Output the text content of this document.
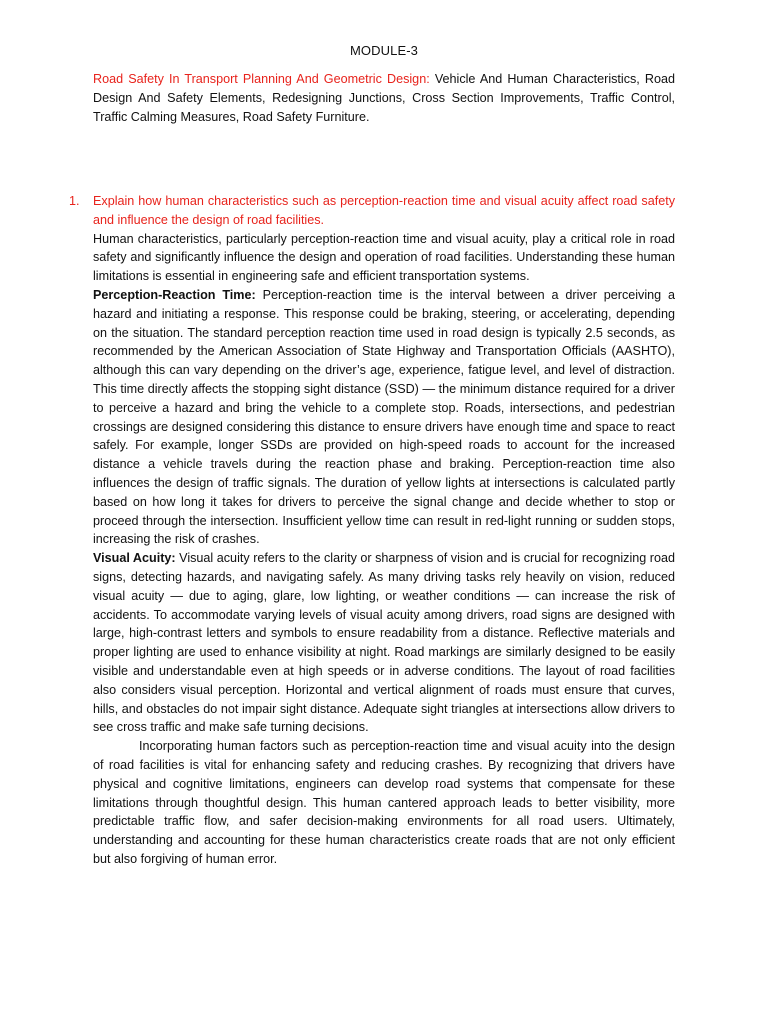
MODULE-3
Road Safety In Transport Planning And Geometric Design: Vehicle And Human Characteristics, Road Design And Safety Elements, Redesigning Junctions, Cross Section Improvements, Traffic Control, Traffic Calming Measures, Road Safety Furniture.
1. Explain how human characteristics such as perception-reaction time and visual acuity affect road safety and influence the design of road facilities.

Human characteristics, particularly perception-reaction time and visual acuity, play a critical role in road safety and significantly influence the design and operation of road facilities. Understanding these human limitations is essential in engineering safe and efficient transportation systems.

Perception-Reaction Time: Perception-reaction time is the interval between a driver perceiving a hazard and initiating a response. This response could be braking, steering, or accelerating, depending on the situation. The standard perception reaction time used in road design is typically 2.5 seconds, as recommended by the American Association of State Highway and Transportation Officials (AASHTO), although this can vary depending on the driver’s age, experience, fatigue level, and level of distraction. This time directly affects the stopping sight distance (SSD) — the minimum distance required for a driver to perceive a hazard and bring the vehicle to a complete stop. Roads, intersections, and pedestrian crossings are designed considering this distance to ensure drivers have enough time and space to react safely. For example, longer SSDs are provided on high-speed roads to account for the increased distance a vehicle travels during the reaction phase and braking. Perception-reaction time also influences the design of traffic signals. The duration of yellow lights at intersections is calculated partly based on how long it takes for drivers to perceive the signal change and decide whether to stop or proceed through the intersection. Insufficient yellow time can result in red-light running or sudden stops, increasing the risk of crashes.

Visual Acuity: Visual acuity refers to the clarity or sharpness of vision and is crucial for recognizing road signs, detecting hazards, and navigating safely. As many driving tasks rely heavily on vision, reduced visual acuity — due to aging, glare, low lighting, or weather conditions — can increase the risk of accidents. To accommodate varying levels of visual acuity among drivers, road signs are designed with large, high-contrast letters and symbols to ensure readability from a distance. Reflective materials and proper lighting are used to enhance visibility at night. Road markings are similarly designed to be easily visible and understandable even at high speeds or in adverse conditions. The layout of road facilities also considers visual perception. Horizontal and vertical alignment of roads must ensure that curves, hills, and obstacles do not impair sight distance. Adequate sight triangles at intersections allow drivers to see cross traffic and make safe turning decisions.

Incorporating human factors such as perception-reaction time and visual acuity into the design of road facilities is vital for enhancing safety and reducing crashes. By recognizing that drivers have physical and cognitive limitations, engineers can develop road systems that compensate for these limitations through thoughtful design. This human cantered approach leads to better visibility, more predictable traffic flow, and safer decision-making environments for all road users. Ultimately, understanding and accounting for these human characteristics create roads that are not only efficient but also forgiving of human error.
